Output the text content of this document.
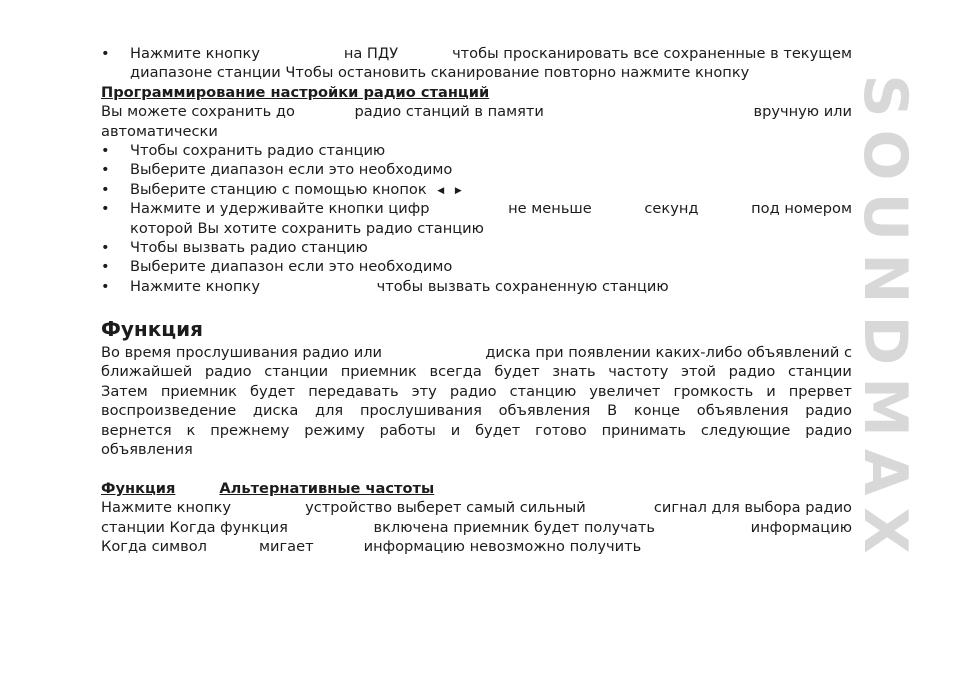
• Нажмите кнопку	на ПДУ	чтобы просканировать все сохраненные в текущем
диапазоне станции Чтобы остановить сканирование повторно нажмите кнопку
Программирование настройки радио станций
Вы можете сохранить до	радио станций в памяти	вручную или
автоматически
• Чтобы сохранить радио станцию
• Выберите диапазон если это необходимо
• Выберите станцию с помощью кнопок ◀ ▶
• Нажмите и удерживайте кнопки цифр	не меньше	секунд	под номером
которой Вы хотите сохранить радио станцию
• Чтобы вызвать радио станцию
• Выберите диапазон если это необходимо
• Нажмите кнопку	чтобы вызвать сохраненную станцию
Функция
Во время прослушивания радио или	диска при появлении каких-либо объявлений с
ближайшей радио станции приемник всегда будет знать частоту этой радио станции
Затем приемник будет передавать эту радио станцию увеличет громкость и прервет
воспроизведение диска для прослушивания объявления В конце объявления радио
вернется к прежнему режиму работы и будет готово принимать следующие радио
объявления
Функция	Альтернативные частоты
Нажмите кнопку	устройство выберет самый сильный	сигнал для выбора радио
станции Когда функция	включена приемник будет получать	информацию
Когда символ	мигает	информацию невозможно получить	SOUNDMAX
